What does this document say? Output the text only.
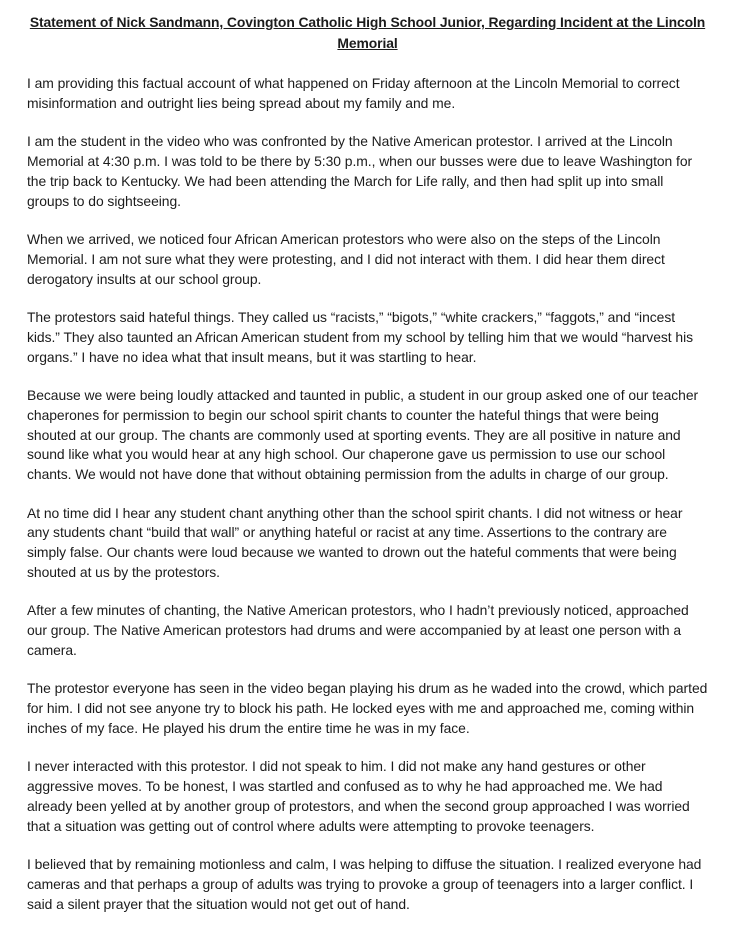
Statement of Nick Sandmann, Covington Catholic High School Junior, Regarding Incident at the Lincoln Memorial

I am providing this factual account of what happened on Friday afternoon at the Lincoln Memorial to correct misinformation and outright lies being spread about my family and me.

I am the student in the video who was confronted by the Native American protestor. I arrived at the Lincoln Memorial at 4:30 p.m. I was told to be there by 5:30 p.m., when our busses were due to leave Washington for the trip back to Kentucky. We had been attending the March for Life rally, and then had split up into small groups to do sightseeing.

When we arrived, we noticed four African American protestors who were also on the steps of the Lincoln Memorial. I am not sure what they were protesting, and I did not interact with them. I did hear them direct derogatory insults at our school group.

The protestors said hateful things. They called us “racists,” “bigots,” “white crackers,” “faggots,” and “incest kids.” They also taunted an African American student from my school by telling him that we would “harvest his organs.” I have no idea what that insult means, but it was startling to hear.

Because we were being loudly attacked and taunted in public, a student in our group asked one of our teacher chaperones for permission to begin our school spirit chants to counter the hateful things that were being shouted at our group. The chants are commonly used at sporting events. They are all positive in nature and sound like what you would hear at any high school. Our chaperone gave us permission to use our school chants. We would not have done that without obtaining permission from the adults in charge of our group.

At no time did I hear any student chant anything other than the school spirit chants. I did not witness or hear any students chant “build that wall” or anything hateful or racist at any time. Assertions to the contrary are simply false. Our chants were loud because we wanted to drown out the hateful comments that were being shouted at us by the protestors.

After a few minutes of chanting, the Native American protestors, who I hadn’t previously noticed, approached our group. The Native American protestors had drums and were accompanied by at least one person with a camera.

The protestor everyone has seen in the video began playing his drum as he waded into the crowd, which parted for him. I did not see anyone try to block his path. He locked eyes with me and approached me, coming within inches of my face. He played his drum the entire time he was in my face.

I never interacted with this protestor. I did not speak to him. I did not make any hand gestures or other aggressive moves. To be honest, I was startled and confused as to why he had approached me. We had already been yelled at by another group of protestors, and when the second group approached I was worried that a situation was getting out of control where adults were attempting to provoke teenagers.

I believed that by remaining motionless and calm, I was helping to diffuse the situation. I realized everyone had cameras and that perhaps a group of adults was trying to provoke a group of teenagers into a larger conflict. I said a silent prayer that the situation would not get out of hand.
